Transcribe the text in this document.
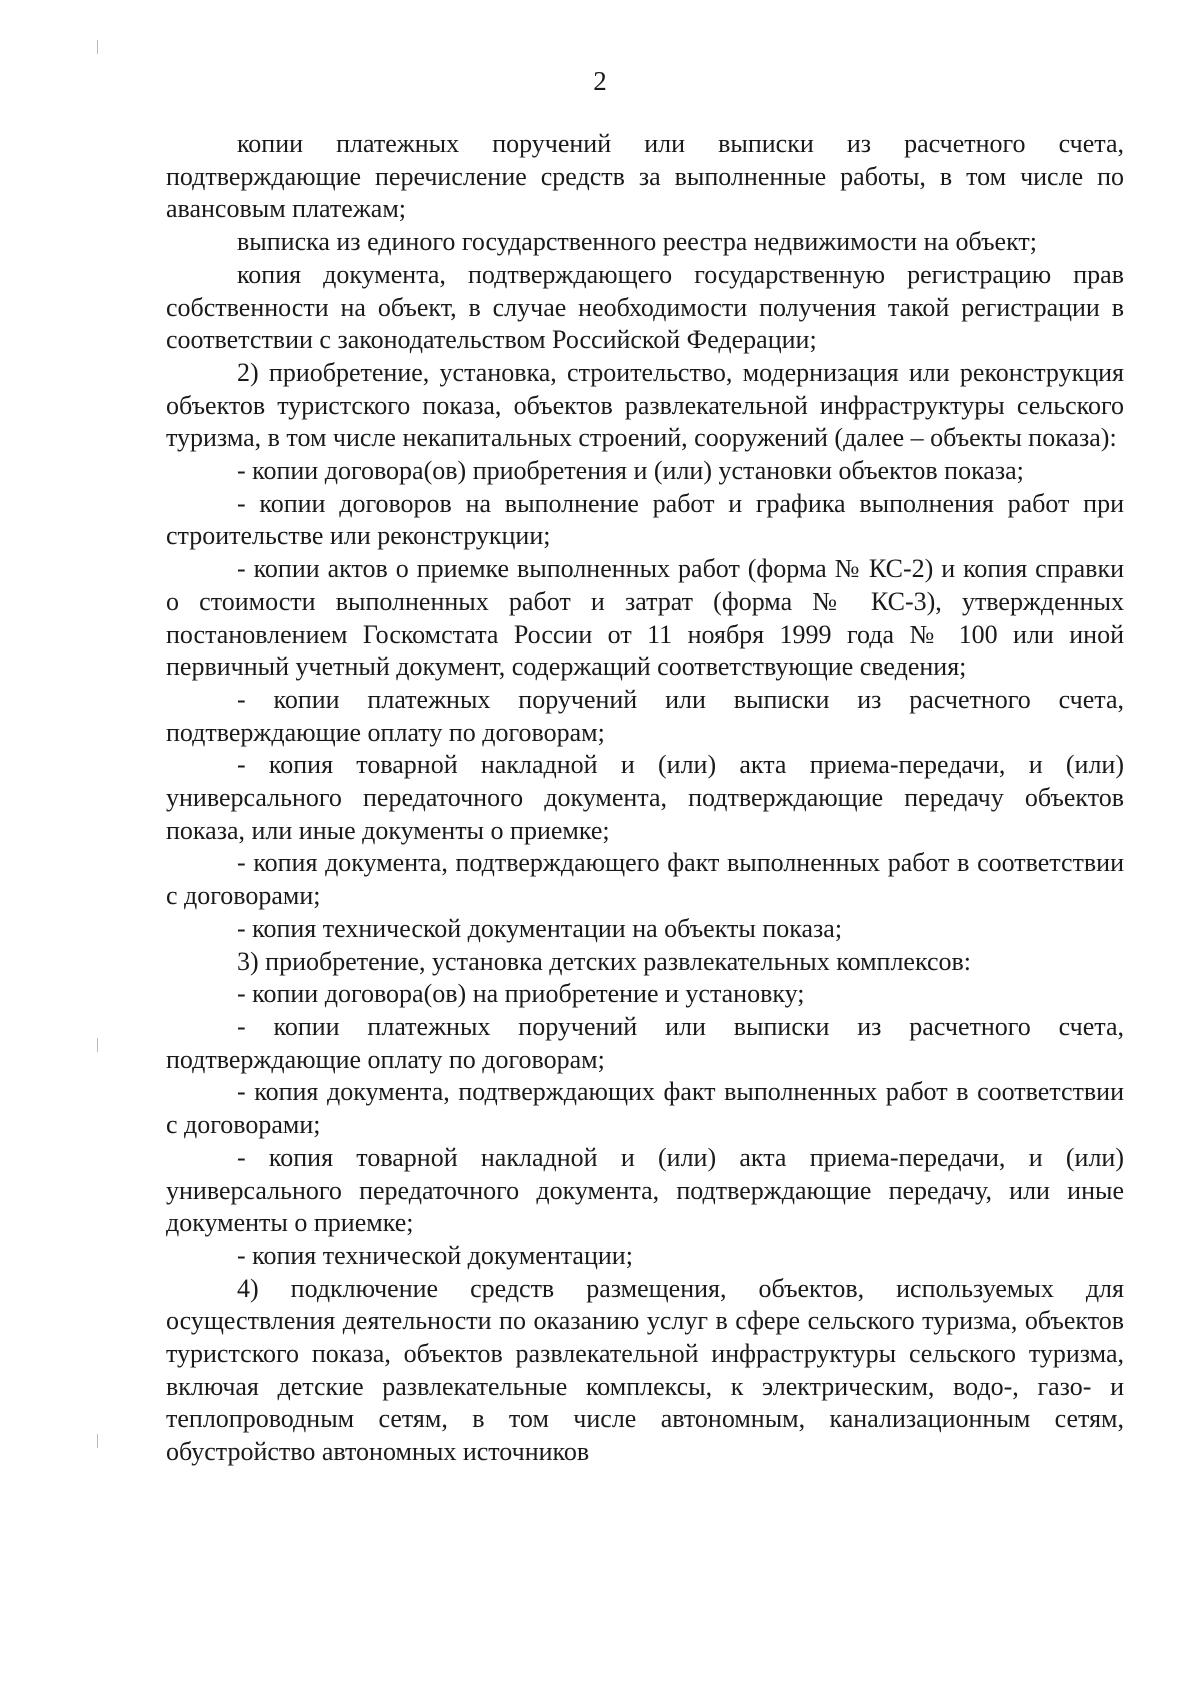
2

копии платежных поручений или выписки из расчетного счета, подтверждающие перечисление средств за выполненные работы, в том числе по авансовым платежам;

выписка из единого государственного реестра недвижимости на объект;

копия документа, подтверждающего государственную регистрацию прав собственности на объект, в случае необходимости получения такой регистрации в соответствии с законодательством Российской Федерации;

2) приобретение, установка, строительство, модернизация или реконструкция объектов туристского показа, объектов развлекательной инфраструктуры сельского туризма, в том числе некапитальных строений, сооружений (далее – объекты показа):

- копии договора(ов) приобретения и (или) установки объектов показа;

- копии договоров на выполнение работ и графика выполнения работ при строительстве или реконструкции;

- копии актов о приемке выполненных работ (форма № КС-2) и копия справки о стоимости выполненных работ и затрат (форма № КС-3), утвержденных постановлением Госкомстата России от 11 ноября 1999 года № 100 или иной первичный учетный документ, содержащий соответствующие сведения;

- копии платежных поручений или выписки из расчетного счета, подтверждающие оплату по договорам;

- копия товарной накладной и (или) акта приема-передачи, и (или) универсального передаточного документа, подтверждающие передачу объектов показа, или иные документы о приемке;

- копия документа, подтверждающего факт выполненных работ в соответствии с договорами;

- копия технической документации на объекты показа;

3) приобретение, установка детских развлекательных комплексов:

- копии договора(ов) на приобретение и установку;

- копии платежных поручений или выписки из расчетного счета, подтверждающие оплату по договорам;

- копия документа, подтверждающих факт выполненных работ в соответствии с договорами;

- копия товарной накладной и (или) акта приема-передачи, и (или) универсального передаточного документа, подтверждающие передачу, или иные документы о приемке;

- копия технической документации;

4) подключение средств размещения, объектов, используемых для осуществления деятельности по оказанию услуг в сфере сельского туризма, объектов туристского показа, объектов развлекательной инфраструктуры сельского туризма, включая детские развлекательные комплексы, к электрическим, водо-, газо- и теплопроводным сетям, в том числе автономным, канализационным сетям, обустройство автономных источников
